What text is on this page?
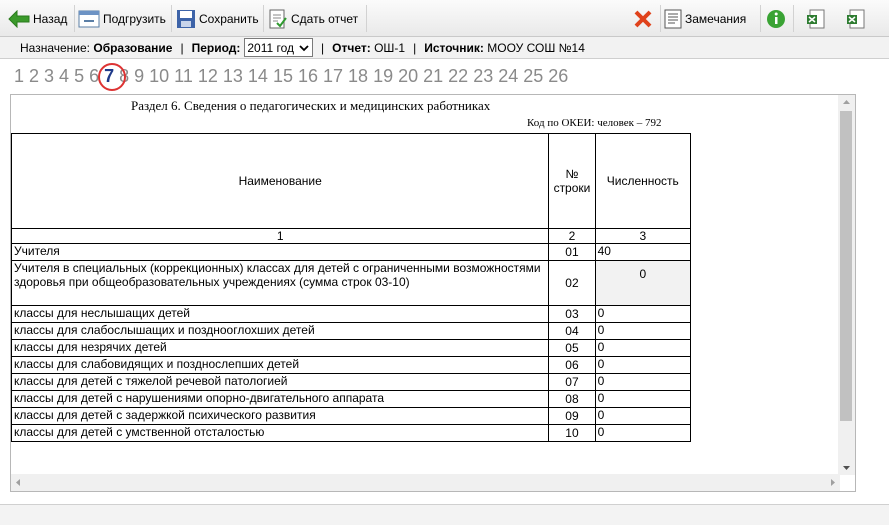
Назад	Подгрузить	Сохранить	Сдать отчет	Замечания
Назначение:
Образование | Период: 2011 год | Отчет:
ОШ-1 | Источник:
МООУ СОШ №14
1 2 3 4 5 6 7 8 9 10 11 12 13 14 15 16 17 18 19 20 21 22 23 24 25 26
Раздел 6. Сведения о педагогических и медицинских работниках
Код по ОКЕИ: человек – 792
Наименование	№ строки	Численность
1	2	3
Учителя	01	40
Учителя в специальных (коррекционных) классах для детей с ограниченными возможностями здоровья при общеобразовательных учреждениях (сумма строк 03-10)	02	0
классы для неслышащих детей	03	0
классы для слабослышащих и позднооглохших детей	04	0
классы для незрячих детей	05	0
классы для слабовидящих и позднослепших детей	06	0
классы для детей с тяжелой речевой патологией	07	0
классы для детей с нарушениями опорно-двигательного аппарата	08	0
классы для детей с задержкой психического развития	09	0
классы для детей с умственной отсталостью	10	0
